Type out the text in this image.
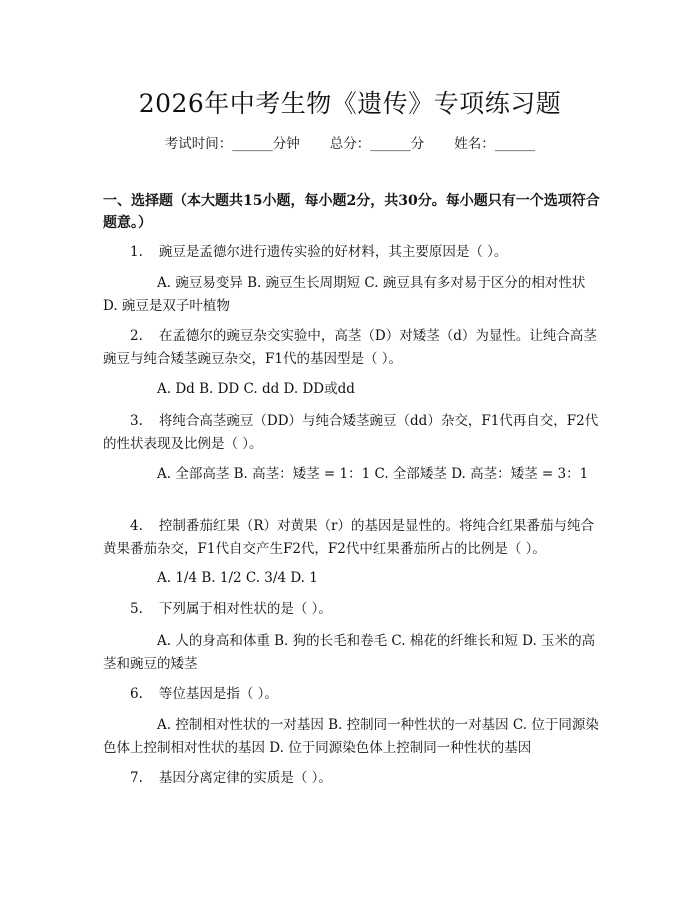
2026年中考生物《遗传》专项练习题
考试时间：______分钟 总分：______分 姓名：______
一、选择题（本大题共15小题，每小题2分，共30分。每小题只有一个选项符合题意。）
1. 豌豆是孟德尔进行遗传实验的好材料，其主要原因是（ ）。
A. 豌豆易变异 B. 豌豆生长周期短 C. 豌豆具有多对易于区分的相对性状 D. 豌豆是双子叶植物
2. 在孟德尔的豌豆杂交实验中，高茎（D）对矮茎（d）为显性。让纯合高茎豌豆与纯合矮茎豌豆杂交，F1代的基因型是（ ）。
A. Dd B. DD C. dd D. DD或dd
3. 将纯合高茎豌豆（DD）与纯合矮茎豌豆（dd）杂交，F1代再自交，F2代的性状表现及比例是（ ）。
A. 全部高茎 B. 高茎：矮茎 = 1：1 C. 全部矮茎 D. 高茎：矮茎 = 3：1
4. 控制番茄红果（R）对黄果（r）的基因是显性的。将纯合红果番茄与纯合黄果番茄杂交，F1代自交产生F2代，F2代中红果番茄所占的比例是（ ）。
A. 1/4 B. 1/2 C. 3/4 D. 1
5. 下列属于相对性状的是（ ）。
A. 人的身高和体重 B. 狗的长毛和卷毛 C. 棉花的纤维长和短 D. 玉米的高茎和豌豆的矮茎
6. 等位基因是指（ ）。
A. 控制相对性状的一对基因 B. 控制同一种性状的一对基因 C. 位于同源染色体上控制相对性状的基因 D. 位于同源染色体上控制同一种性状的基因
7. 基因分离定律的实质是（ ）。
